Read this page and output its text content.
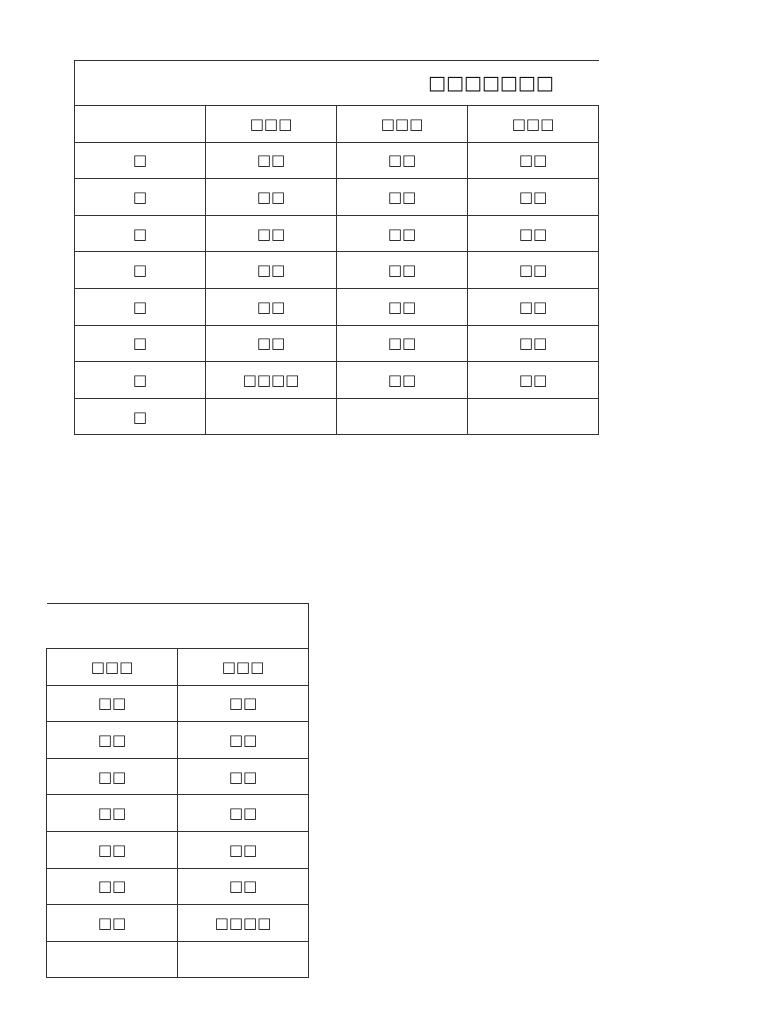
□□□□□□□			
	□□□	□□□	□□□
□	□□	□□	□□
□	□□	□□	□□
□	□□	□□	□□
□	□□	□□	□□
□	□□	□□	□□
□	□□	□□	□□
□	□□□□	□□	□□
□			

□□□	□□□
□□	□□
□□	□□
□□	□□
□□	□□
□□	□□
□□	□□
□□	□□□□
